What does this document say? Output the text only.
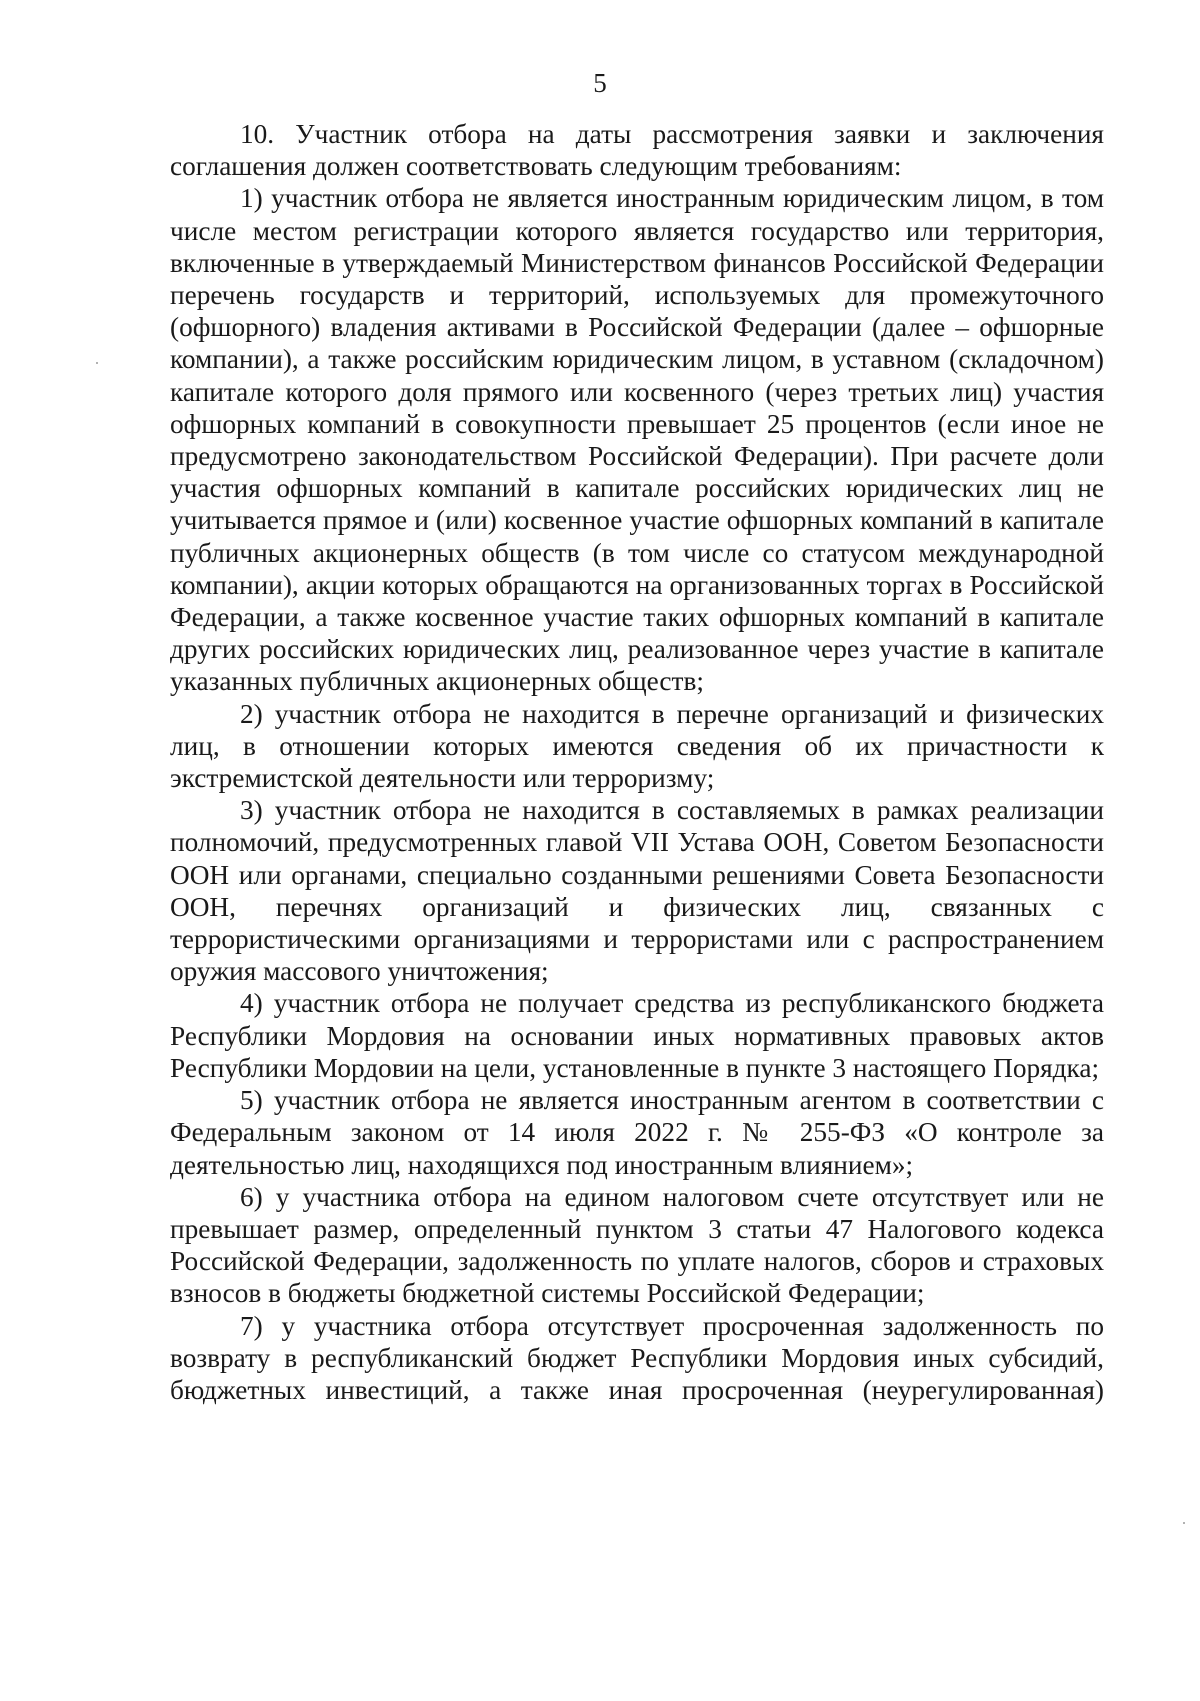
5

10. Участник отбора на даты рассмотрения заявки и заключения соглашения должен соответствовать следующим требованиям:

1) участник отбора не является иностранным юридическим лицом, в том числе местом регистрации которого является государство или территория, включенные в утверждаемый Министерством финансов Российской Федерации перечень государств и территорий, используемых для промежуточного (офшорного) владения активами в Российской Федерации (далее – офшорные компании), а также российским юридическим лицом, в уставном (складочном) капитале которого доля прямого или косвенного (через третьих лиц) участия офшорных компаний в совокупности превышает 25 процентов (если иное не предусмотрено законодательством Российской Федерации). При расчете доли участия офшорных компаний в капитале российских юридических лиц не учитывается прямое и (или) косвенное участие офшорных компаний в капитале публичных акционерных обществ (в том числе со статусом международной компании), акции которых обращаются на организованных торгах в Российской Федерации, а также косвенное участие таких офшорных компаний в капитале других российских юридических лиц, реализованное через участие в капитале указанных публичных акционерных обществ;

2) участник отбора не находится в перечне организаций и физических лиц, в отношении которых имеются сведения об их причастности к экстремистской деятельности или терроризму;

3) участник отбора не находится в составляемых в рамках реализации полномочий, предусмотренных главой VII Устава ООН, Советом Безопасности ООН или органами, специально созданными решениями Совета Безопасности ООН, перечнях организаций и физических лиц, связанных с террористическими организациями и террористами или с распространением оружия массового уничтожения;

4) участник отбора не получает средства из республиканского бюджета Республики Мордовия на основании иных нормативных правовых актов Республики Мордовии на цели, установленные в пункте 3 настоящего Порядка;

5) участник отбора не является иностранным агентом в соответствии с Федеральным законом от 14 июля 2022 г. № 255-ФЗ «О контроле за деятельностью лиц, находящихся под иностранным влиянием»;

6) у участника отбора на едином налоговом счете отсутствует или не превышает размер, определенный пунктом 3 статьи 47 Налогового кодекса Российской Федерации, задолженность по уплате налогов, сборов и страховых взносов в бюджеты бюджетной системы Российской Федерации;

7) у участника отбора отсутствует просроченная задолженность по возврату в республиканский бюджет Республики Мордовия иных субсидий, бюджетных инвестиций, а также иная просроченная (неурегулированная)
